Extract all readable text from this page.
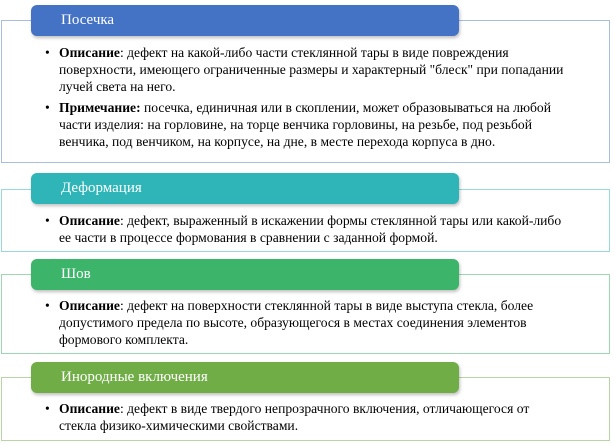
Посечка
• Описание: дефект на какой-либо части стеклянной тары в виде повреждения поверхности, имеющего ограниченные размеры и характерный "блеск" при попадании лучей света на него.
• Примечание: посечка, единичная или в скоплении, может образовываться на любой части изделия: на горловине, на торце венчика горловины, на резьбе, под резьбой венчика, под венчиком, на корпусе, на дне, в месте перехода корпуса в дно.
Деформация
• Описание: дефект, выраженный в искажении формы стеклянной тары или какой-либо ее части в процессе формования в сравнении с заданной формой.
Шов
• Описание: дефект на поверхности стеклянной тары в виде выступа стекла, более допустимого предела по высоте, образующегося в местах соединения элементов формового комплекта.
Инородные включения
• Описание: дефект в виде твердого непрозрачного включения, отличающегося от стекла физико-химическими свойствами.
